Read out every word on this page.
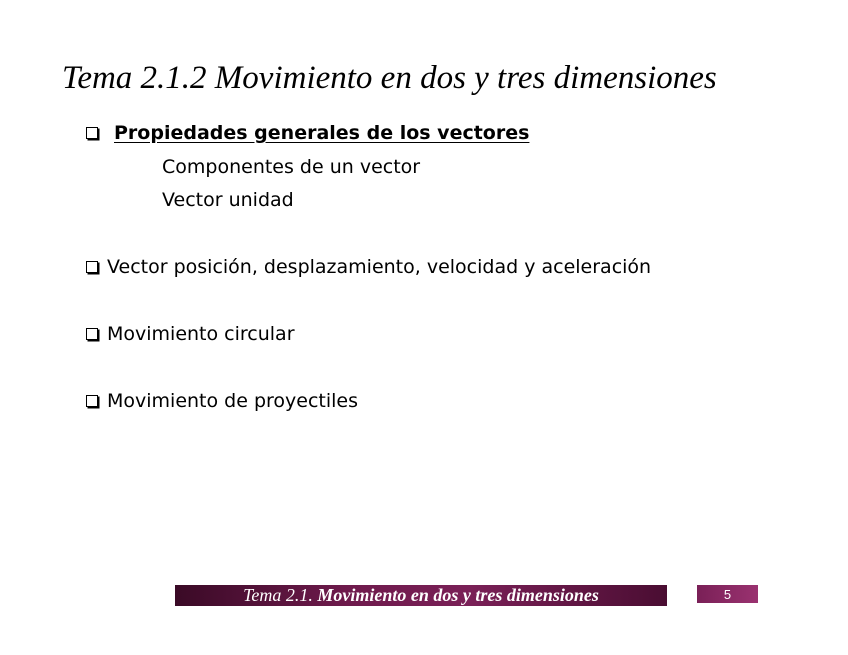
Tema 2.1.2 Movimiento en dos y tres dimensiones
Propiedades generales de los vectores
Componentes de un vector
Vector unidad
Vector posición, desplazamiento, velocidad y aceleración
Movimiento circular
Movimiento de proyectiles
Tema 2.1. Movimiento en dos y tres dimensiones	5
